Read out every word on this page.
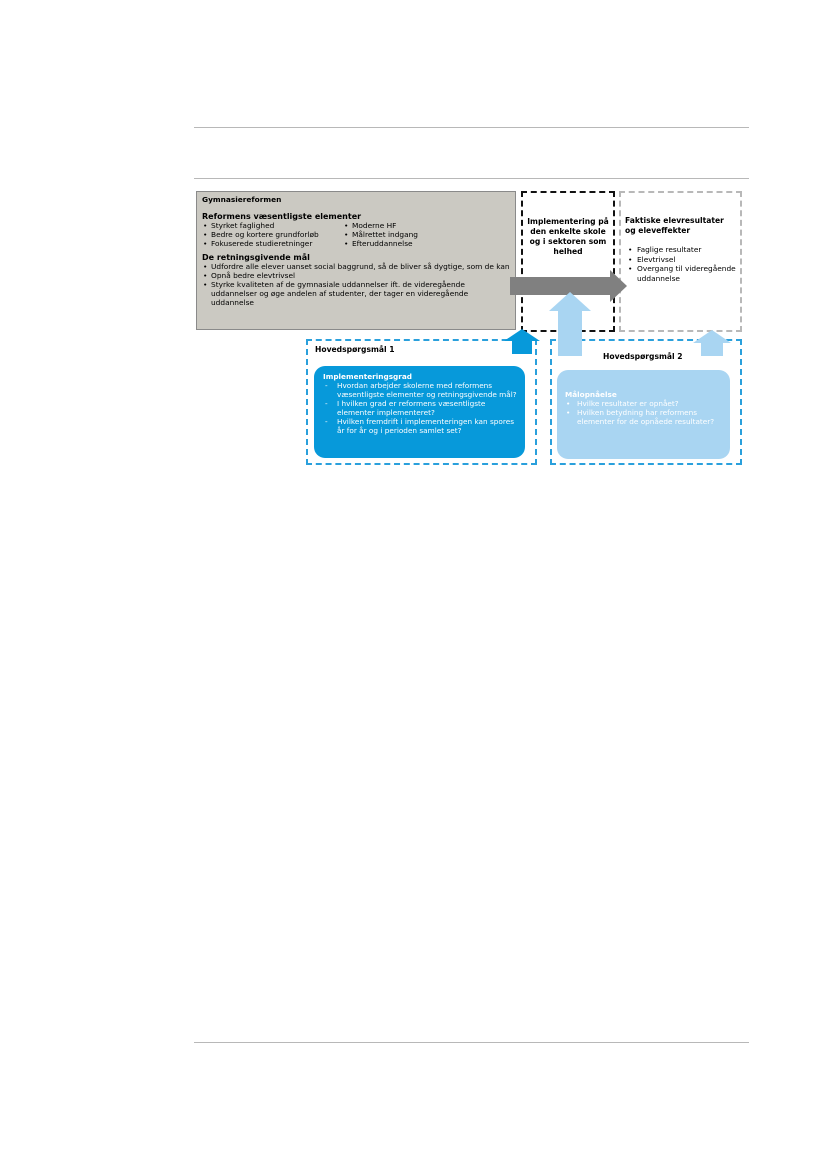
Gymnasiereformen
Reformens væsentligste elementer
• Styrket faglighed
• Bedre og kortere grundforløb
• Fokuserede studieretninger
• Moderne HF
• Målrettet indgang
• Efteruddannelse
De retningsgivende mål
• Udfordre alle elever uanset social baggrund, så de bliver så dygtige, som de kan
• Opnå bedre elevtrivsel
• Styrke kvaliteten af de gymnasiale uddannelser ift. de videregående uddannelser og øge andelen af studenter, der tager en videregående uddannelse
Implementering på den enkelte skole og i sektoren som helhed
Faktiske elevresultater og eleveffekter
• Faglige resultater
• Elevtrivsel
• Overgang til videregående uddannelse
Hovedspørgsmål 1
Hovedspørgsmål 2
Implementeringsgrad
- Hvordan arbejder skolerne med reformens væsentligste elementer og retningsgivende mål?
- I hvilken grad er reformens væsentligste elementer implementeret?
- Hvilken fremdrift i implementeringen kan spores år for år og i perioden samlet set?
Målopnåelse
• Hvilke resultater er opnået?
• Hvilken betydning har reformens elementer for de opnåede resultater?
